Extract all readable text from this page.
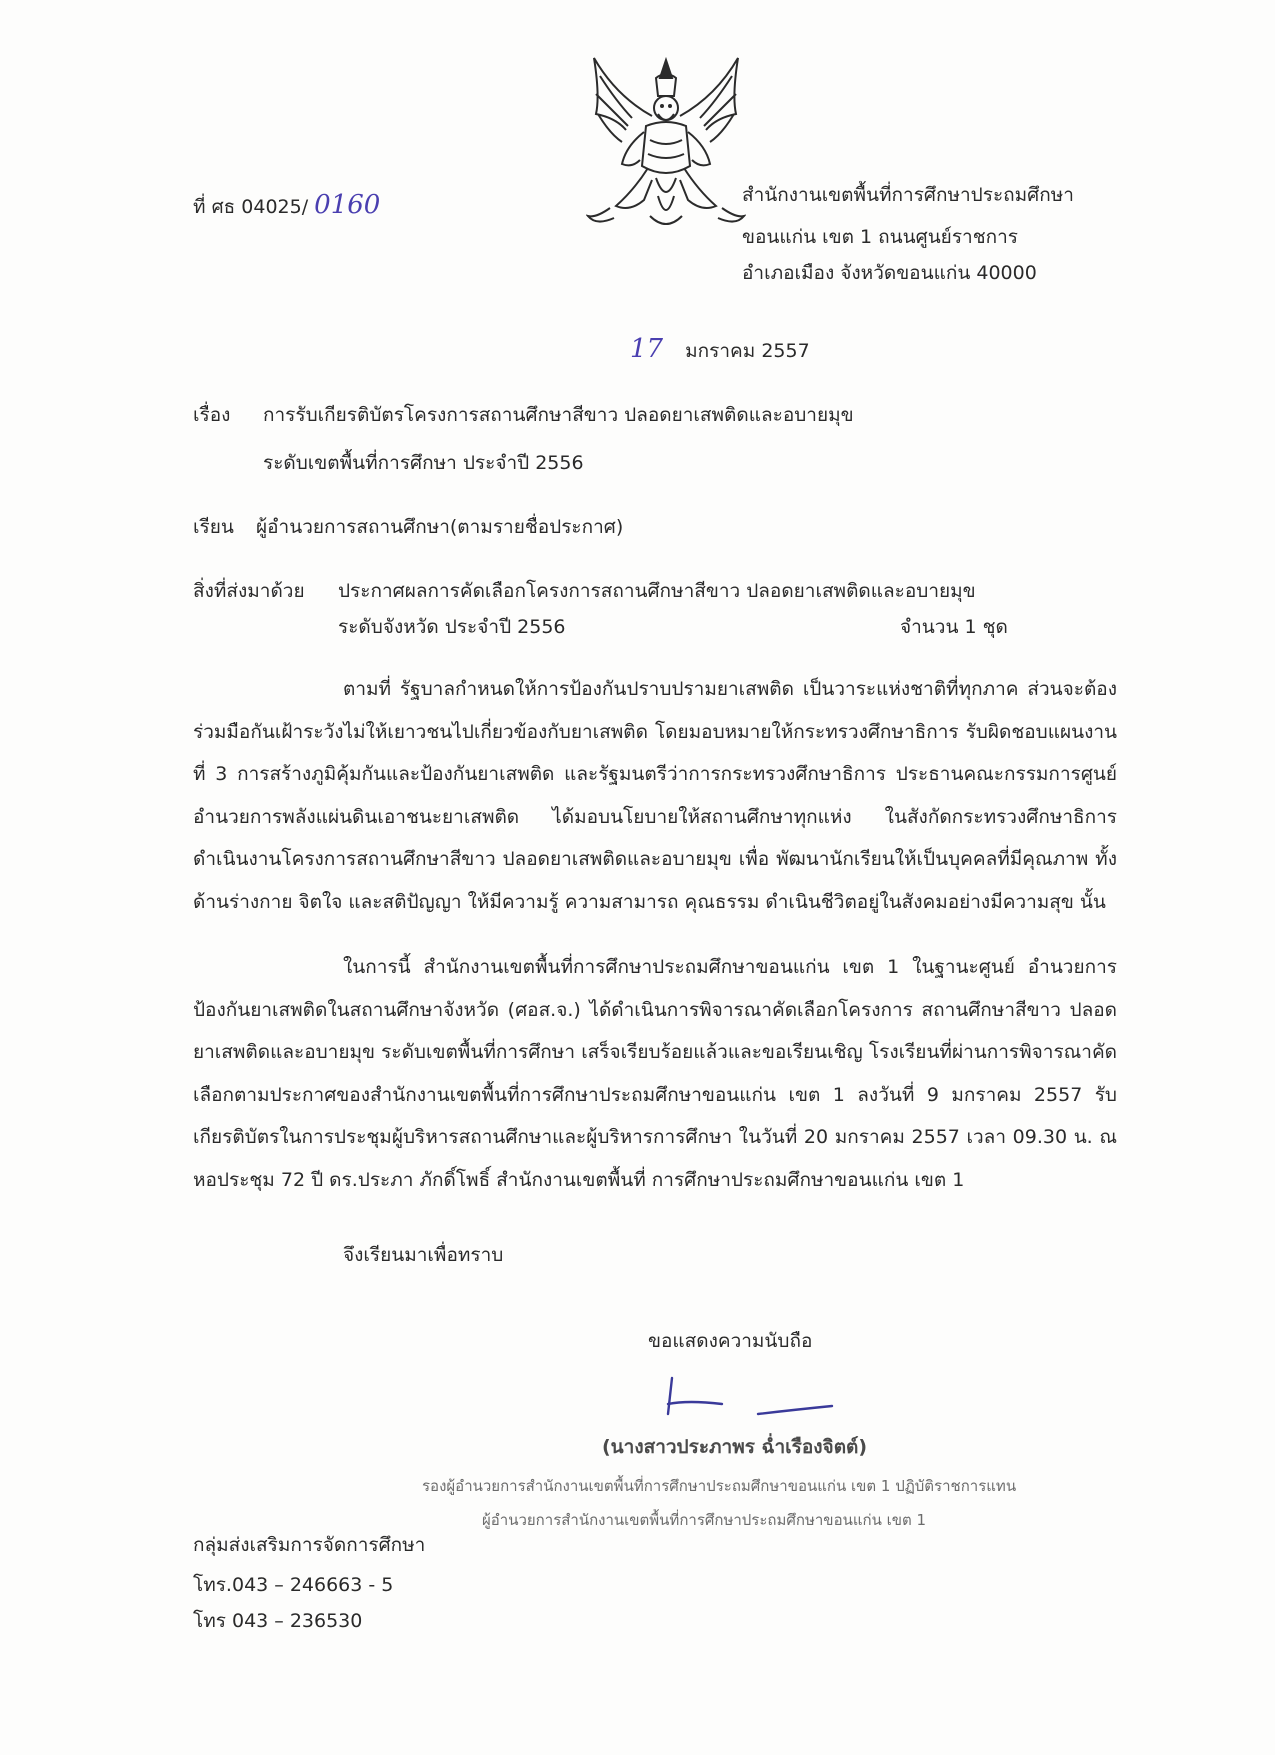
ที่ ศธ 04025/ 0160	สำนักงานเขตพื้นที่การศึกษาประถมศึกษา
ขอนแก่น เขต 1 ถนนศูนย์ราชการ
อำเภอเมือง จังหวัดขอนแก่น 40000
17 มกราคม 2557
เรื่อง การรับเกียรติบัตรโครงการสถานศึกษาสีขาว ปลอดยาเสพติดและอบายมุข
ระดับเขตพื้นที่การศึกษา ประจำปี 2556
เรียน ผู้อำนวยการสถานศึกษา(ตามรายชื่อประกาศ)
สิ่งที่ส่งมาด้วย ประกาศผลการคัดเลือกโครงการสถานศึกษาสีขาว ปลอดยาเสพติดและอบายมุข
ระดับจังหวัด ประจำปี 2556	จำนวน 1 ชุด
ตามที่ รัฐบาลกำหนดให้การป้องกันปราบปรามยาเสพติด เป็นวาระแห่งชาติที่ทุกภาค ส่วนจะต้องร่วมมือกันเฝ้าระวังไม่ให้เยาวชนไปเกี่ยวข้องกับยาเสพติด โดยมอบหมายให้กระทรวงศึกษาธิการ รับผิดชอบแผนงาน ที่ 3 การสร้างภูมิคุ้มกันและป้องกันยาเสพติด และรัฐมนตรีว่าการกระทรวงศึกษาธิการ ประธานคณะกรรมการศูนย์อำนวยการพลังแผ่นดินเอาชนะยาเสพติด ได้มอบนโยบายให้สถานศึกษาทุกแห่ง ในสังกัดกระทรวงศึกษาธิการ ดำเนินงานโครงการสถานศึกษาสีขาว ปลอดยาเสพติดและอบายมุข เพื่อ พัฒนานักเรียนให้เป็นบุคคลที่มีคุณภาพ ทั้งด้านร่างกาย จิตใจ และสติปัญญา ให้มีความรู้ ความสามารถ คุณธรรม ดำเนินชีวิตอยู่ในสังคมอย่างมีความสุข นั้น
ในการนี้ สำนักงานเขตพื้นที่การศึกษาประถมศึกษาขอนแก่น เขต 1 ในฐานะศูนย์ อำนวยการป้องกันยาเสพติดในสถานศึกษาจังหวัด (ศอส.จ.) ได้ดำเนินการพิจารณาคัดเลือกโครงการ สถานศึกษาสีขาว ปลอดยาเสพติดและอบายมุข ระดับเขตพื้นที่การศึกษา เสร็จเรียบร้อยแล้วและขอเรียนเชิญ โรงเรียนที่ผ่านการพิจารณาคัดเลือกตามประกาศของสำนักงานเขตพื้นที่การศึกษาประถมศึกษาขอนแก่น เขต 1 ลงวันที่ 9 มกราคม 2557 รับเกียรติบัตรในการประชุมผู้บริหารสถานศึกษาและผู้บริหารการศึกษา ในวันที่ 20 มกราคม 2557 เวลา 09.30 น. ณ หอประชุม 72 ปี ดร.ประภา ภักดิ์โพธิ์ สำนักงานเขตพื้นที่ การศึกษาประถมศึกษาขอนแก่น เขต 1
จึงเรียนมาเพื่อทราบ
ขอแสดงความนับถือ
(นางสาวประภาพร ฉ่ำเรืองจิตต์)
รองผู้อำนวยการสำนักงานเขตพื้นที่การศึกษาประถมศึกษาขอนแก่น เขต 1 ปฏิบัติราชการแทน
ผู้อำนวยการสำนักงานเขตพื้นที่การศึกษาประถมศึกษาขอนแก่น เขต 1
กลุ่มส่งเสริมการจัดการศึกษา
โทร.043 – 246663 - 5
โทร 043 – 236530
